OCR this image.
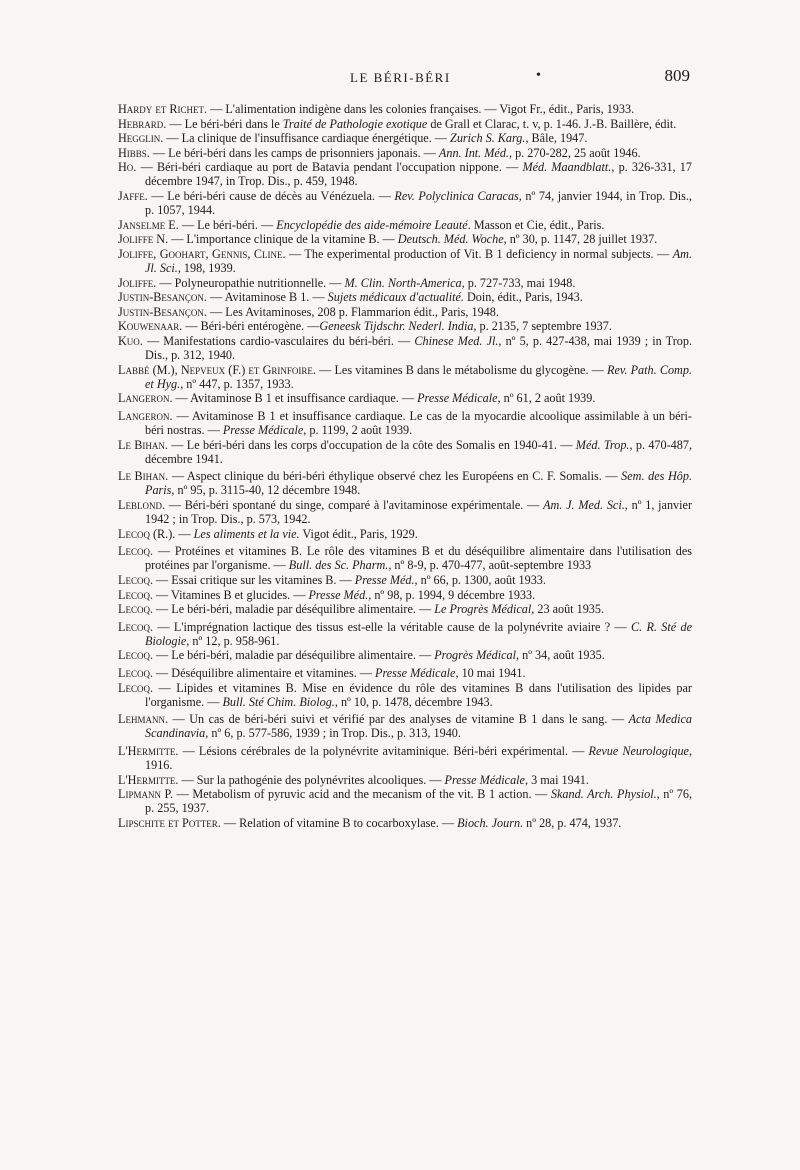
LE BÉRI-BÉRI	•	809

Hardy et Richet. — L'alimentation indigène dans les colonies françaises. — Vigot Fr., édit., Paris, 1933.

Hebrard. — Le béri-béri dans le Traité de Pathologie exotique de Grall et Clarac, t. v, p. 1-46. J.-B. Baillère, édit.

Hegglin. — La clinique de l'insuffisance cardiaque énergétique. — Zurich S. Karg., Bâle, 1947.

Hibbs. — Le béri-béri dans les camps de prisonniers japonais. — Ann. Int. Méd., p. 270-282, 25 août 1946.

Ho. — Béri-béri cardiaque au port de Batavia pendant l'occupation nippone. — Méd. Maandblatt., p. 326-331, 17 décembre 1947, in Trop. Dis., p. 459, 1948.

Jaffe. — Le béri-béri cause de décès au Vénézuela. — Rev. Polyclinica Caracas, nº 74, janvier 1944, in Trop. Dis., p. 1057, 1944.

Janselme E. — Le béri-béri. — Encyclopédie des aide-mémoire Leauté. Masson et Cie, édit., Paris.

Joliffe N. — L'importance clinique de la vitamine B. — Deutsch. Méd. Woche, nº 30, p. 1147, 28 juillet 1937.

Joliffe, Goohart, Gennis, Cline. — The experimental production of Vit. B 1 deficiency in normal subjects. — Am. Jl. Sci., 198, 1939.

Joliffe. — Polyneuropathie nutritionnelle. — M. Clin. North-America, p. 727-733, mai 1948.

Justin-Besançon. — Avitaminose B 1. — Sujets médicaux d'actualité. Doin, édit., Paris, 1943.

Justin-Besançon. — Les Avitaminoses, 208 p. Flammarion édit., Paris, 1948.

Kouwenaar. — Béri-béri entérogène. —Geneesk Tijdschr. Nederl. India, p. 2135, 7 septembre 1937.

Kuo. — Manifestations cardio-vasculaires du béri-béri. — Chinese Med. Jl., nº 5, p. 427-438, mai 1939 ; in Trop. Dis., p. 312, 1940.

Labbé (M.), Nepveux (F.) et Grinfoire. — Les vitamines B dans le métabolisme du glycogène. — Rev. Path. Comp. et Hyg., nº 447, p. 1357, 1933.

Langeron. — Avitaminose B 1 et insuffisance cardiaque. — Presse Médicale, nº 61, 2 août 1939.

Langeron. — Avitaminose B 1 et insuffisance cardiaque. Le cas de la myocardie alcoolique assimilable à un béri-béri nostras. — Presse Médicale, p. 1199, 2 août 1939.

Le Bihan. — Le béri-béri dans les corps d'occupation de la côte des Somalis en 1940-41. — Méd. Trop., p. 470-487, décembre 1941.

Le Bihan. — Aspect clinique du béri-béri éthylique observé chez les Européens en C. F. Somalis. — Sem. des Hôp. Paris, nº 95, p. 3115-40, 12 décembre 1948.

Leblond. — Béri-béri spontané du singe, comparé à l'avitaminose expérimentale. — Am. J. Med. Sci., nº 1, janvier 1942 ; in Trop. Dis., p. 573, 1942.

Lecoq (R.). — Les aliments et la vie. Vigot édit., Paris, 1929.

Lecoq. — Protéines et vitamines B. Le rôle des vitamines B et du déséquilibre alimentaire dans l'utilisation des protéines par l'organisme. — Bull. des Sc. Pharm., nº 8-9, p. 470-477, août-septembre 1933

Lecoq. — Essai critique sur les vitamines B. — Presse Méd., nº 66, p. 1300, août 1933.

Lecoq. — Vitamines B et glucides. — Presse Méd., nº 98, p. 1994, 9 décembre 1933.

Lecoq. — Le béri-béri, maladie par déséquilibre alimentaire. — Le Progrès Médical, 23 août 1935.

Lecoq. — L'imprégnation lactique des tissus est-elle la véritable cause de la polynévrite aviaire ? — C. R. Sté de Biologie, nº 12, p. 958-961.

Lecoq. — Le béri-béri, maladie par déséquilibre alimentaire. — Progrès Médical, nº 34, août 1935.

Lecoq. — Déséquilibre alimentaire et vitamines. — Presse Médicale, 10 mai 1941.

Lecoq. — Lipides et vitamines B. Mise en évidence du rôle des vitamines B dans l'utilisation des lipides par l'organisme. — Bull. Sté Chim. Biolog., nº 10, p. 1478, décembre 1943.

Lehmann. — Un cas de béri-béri suivi et vérifié par des analyses de vitamine B 1 dans le sang. — Acta Medica Scandinavia, nº 6, p. 577-586, 1939 ; in Trop. Dis., p. 313, 1940.

L'Hermitte. — Lésions cérébrales de la polynévrite avitaminique. Béri-béri expérimental. — Revue Neurologique, 1916.

L'Hermitte. — Sur la pathogénie des polynévrites alcooliques. — Presse Médicale, 3 mai 1941.

Lipmann P. — Metabolism of pyruvic acid and the mecanism of the vit. B 1 action. — Skand. Arch. Physiol., nº 76, p. 255, 1937.

Lipschite et Potter. — Relation of vitamine B to cocarboxylase. — Bioch. Journ. nº 28, p. 474, 1937.
